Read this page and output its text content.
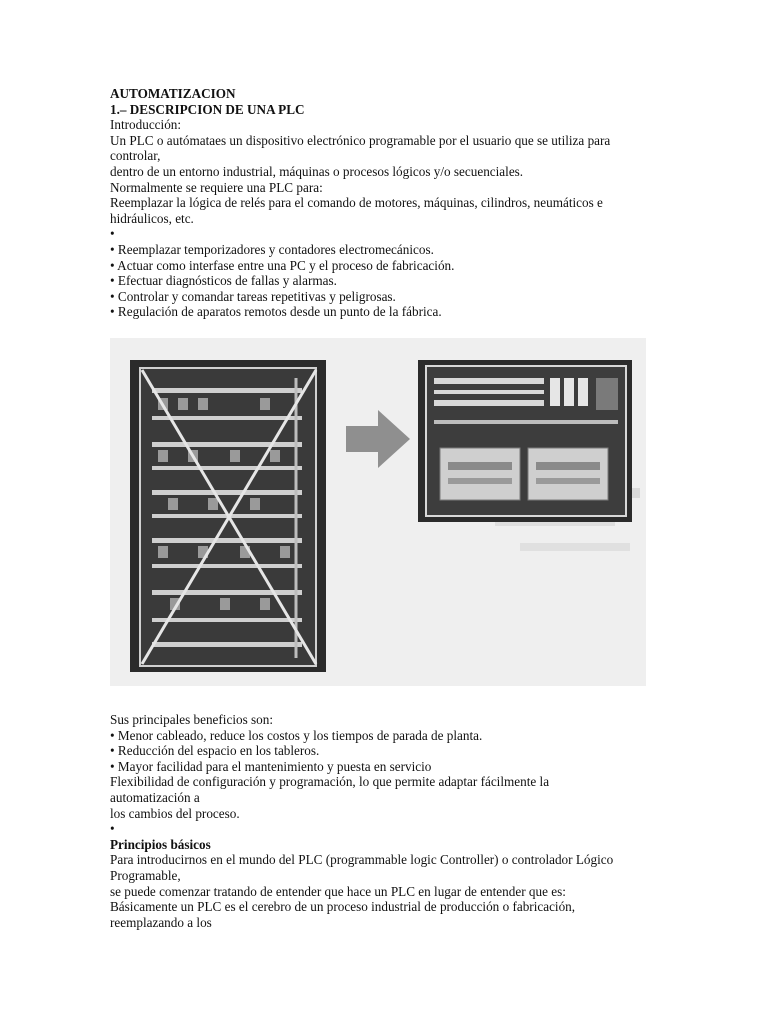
AUTOMATIZACION
1.– DESCRIPCION DE UNA PLC
Introducción:
Un PLC o autómataes un dispositivo electrónico programable por el usuario que se utiliza para
controlar,
dentro de un entorno industrial, máquinas o procesos lógicos y/o secuenciales.
Normalmente se requiere una PLC para:
Reemplazar la lógica de relés para el comando de motores, máquinas, cilindros, neumáticos e
hidráulicos, etc.
•
• Reemplazar temporizadores y contadores electromecánicos.
• Actuar como interfase entre una PC y el proceso de fabricación.
• Efectuar diagnósticos de fallas y alarmas.
• Controlar y comandar tareas repetitivas y peligrosas.
• Regulación de aparatos remotos desde un punto de la fábrica.
Sus principales beneficios son:
• Menor cableado, reduce los costos y los tiempos de parada de planta.
• Reducción del espacio en los tableros.
• Mayor facilidad para el mantenimiento y puesta en servicio
Flexibilidad de configuración y programación, lo que permite adaptar fácilmente la
automatización a
los cambios del proceso.
•
Principios básicos
Para introducirnos en el mundo del PLC (programmable logic Controller) o controlador Lógico
Programable,
se puede comenzar tratando de entender que hace un PLC en lugar de entender que es:
Básicamente un PLC es el cerebro de un proceso industrial de producción o fabricación,
reemplazando a los
